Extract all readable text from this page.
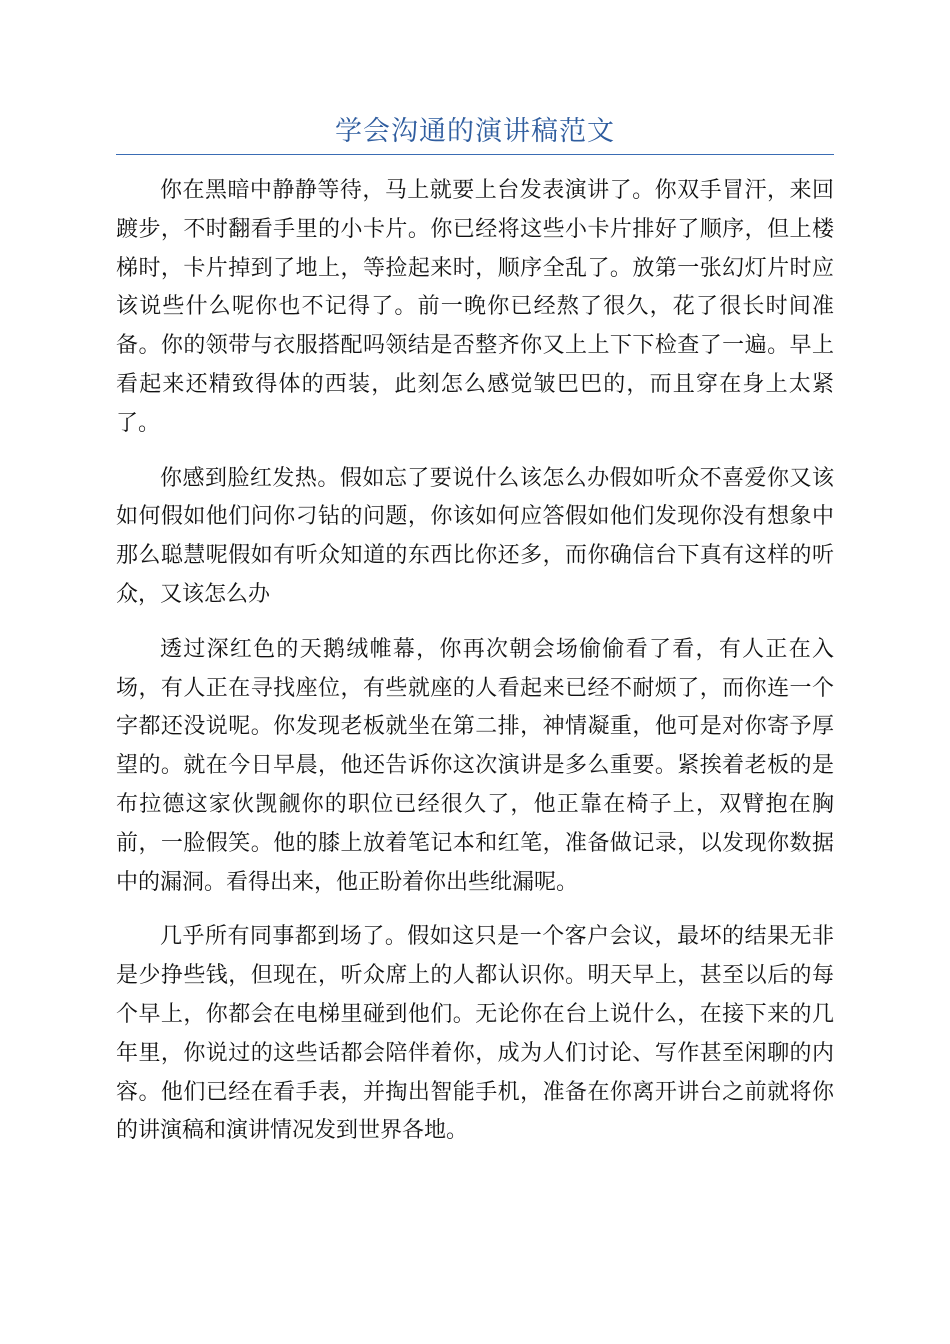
学会沟通的演讲稿范文

你在黑暗中静静等待，马上就要上台发表演讲了。你双手冒汗，来回踱步，不时翻看手里的小卡片。你已经将这些小卡片排好了顺序，但上楼梯时，卡片掉到了地上，等捡起来时，顺序全乱了。放第一张幻灯片时应该说些什么呢你也不记得了。前一晚你已经熬了很久，花了很长时间准备。你的领带与衣服搭配吗领结是否整齐你又上上下下检查了一遍。早上看起来还精致得体的西装，此刻怎么感觉皱巴巴的，而且穿在身上太紧了。

你感到脸红发热。假如忘了要说什么该怎么办假如听众不喜爱你又该如何假如他们问你刁钻的问题，你该如何应答假如他们发现你没有想象中那么聪慧呢假如有听众知道的东西比你还多，而你确信台下真有这样的听众，又该怎么办

透过深红色的天鹅绒帷幕，你再次朝会场偷偷看了看，有人正在入场，有人正在寻找座位，有些就座的人看起来已经不耐烦了，而你连一个字都还没说呢。你发现老板就坐在第二排，神情凝重，他可是对你寄予厚望的。就在今日早晨，他还告诉你这次演讲是多么重要。紧挨着老板的是布拉德这家伙觊觎你的职位已经很久了，他正靠在椅子上，双臂抱在胸前，一脸假笑。他的膝上放着笔记本和红笔，准备做记录，以发现你数据中的漏洞。看得出来，他正盼着你出些纰漏呢。

几乎所有同事都到场了。假如这只是一个客户会议，最坏的结果无非是少挣些钱，但现在，听众席上的人都认识你。明天早上，甚至以后的每个早上，你都会在电梯里碰到他们。无论你在台上说什么，在接下来的几年里，你说过的这些话都会陪伴着你，成为人们讨论、写作甚至闲聊的内容。他们已经在看手表，并掏出智能手机，准备在你离开讲台之前就将你的讲演稿和演讲情况发到世界各地。
